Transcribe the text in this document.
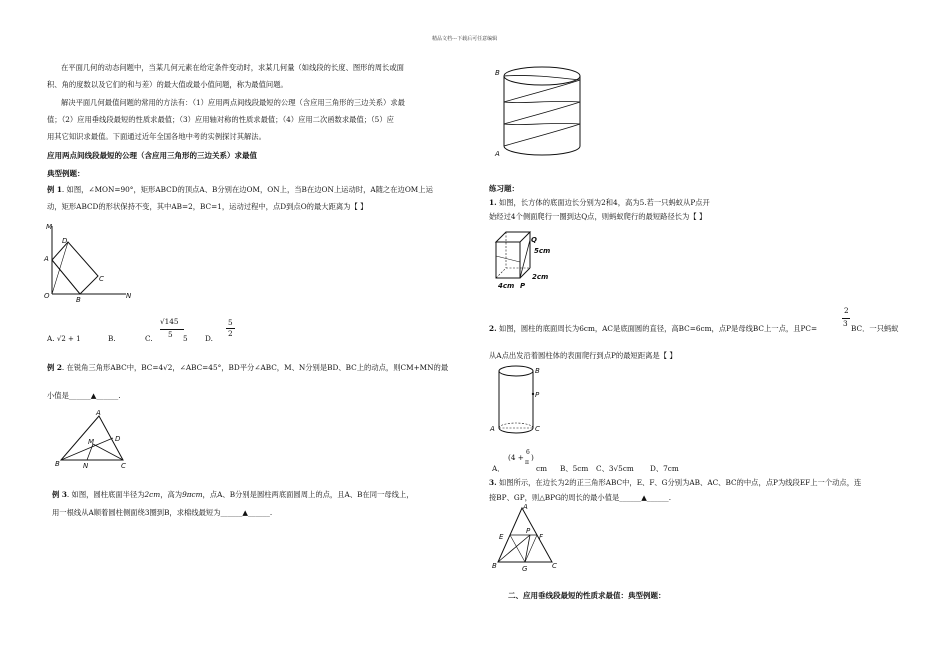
精品文档---下载后可任意编辑
在平面几何的动态问题中，当某几何元素在给定条件变动时，求某几何量（如线段的长度、图形的周长或面
积、角的度数以及它们的和与差）的最大值或最小值问题，称为最值问题。
解决平面几何最值问题的常用的方法有：（1）应用两点间线段最短的公理（含应用三角形的三边关系）求最
值；（2）应用垂线段最短的性质求最值；（3）应用轴对称的性质求最值；（4）应用二次函数求最值；（5）应
用其它知识求最值。下面通过近年全国各地中考的实例探讨其解法。
应用两点间线段最短的公理（含应用三角形的三边关系）求最值
典型例题：
例 1. 如图，∠MON=90°，矩形ABCD的顶点A、B分别在边OM，ON上，当B在边ON上运动时，A随之在边OM上运
动，矩形ABCD的形状保持不变，其中AB=2，BC=1，运动过程中，点D到点O的最大距离为【 】
M
D
A
C
O	B	N
A. √2 + 1	B.	C.
√145
5 5 D.
5
2
例 2. 在锐角三角形ABC中，BC=4√2，∠ABC=45°，BD平分∠ABC，M、N分别是BD、BC上的动点，则CM+MN的最
小值是______▲______.
A
M	D
B	N	C
例 3. 如图，圆柱底面半径为2cm，高为9πcm，点A、B分别是圆柱两底面圆周上的点，且A、B在同一母线上，
用一根线从A顺着圆柱侧面绕3圈到B，求棉线最短为______▲______.
B
A
练习题：
1. 如图，长方体的底面边长分别为2和4，高为5.若一只蚂蚁从P点开
始经过4个侧面爬行一圈到达Q点，则蚂蚁爬行的最短路径长为【 】
Q
5cm
P
2cm
4cm
2. 如图，圆柱的底面周长为6cm，AC是底面圆的直径，高BC=6cm，点P是母线BC上一点，且PC=
2
3
BC．一只蚂蚁
从A点出发沿着圆柱体的表面爬行到点P的最短距离是【 】
B
P
A	C
A．
(4 +
6
π
)
cm B、5cm C、3√5cm D、7cm
3. 如图所示，在边长为2的正三角形ABC中，E、F、G分别为AB、AC、BC的中点，点P为线段EF上一个动点，连
接BP、GP，则△BPG的周长的最小值是______▲______.
A
E
P
F
B	G	C
二、应用垂线段最短的性质求最值：典型例题：
